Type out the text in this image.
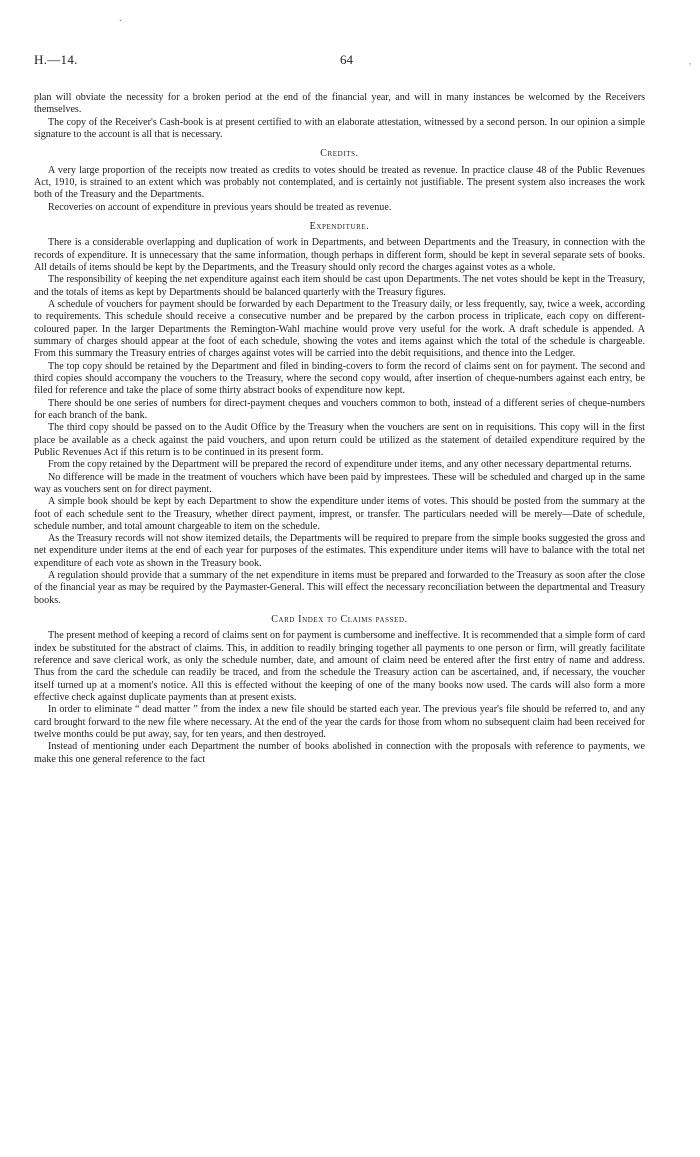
.
,
H.—14.	64

plan will obviate the necessity for a broken period at the end of the financial year, and will in many instances be welcomed by the Receivers themselves.

The copy of the Receiver's Cash-book is at present certified to with an elaborate attestation, witnessed by a second person. In our opinion a simple signature to the account is all that is necessary.

Credits.

A very large proportion of the receipts now treated as credits to votes should be treated as revenue. In practice clause 48 of the Public Revenues Act, 1910, is strained to an extent which was probably not contemplated, and is certainly not justifiable. The present system also increases the work both of the Treasury and the Departments.

Recoveries on account of expenditure in previous years should be treated as revenue.

Expenditure.

There is a considerable overlapping and duplication of work in Departments, and between Departments and the Treasury, in connection with the records of expenditure. It is unnecessary that the same information, though perhaps in different form, should be kept in several separate sets of books. All details of items should be kept by the Departments, and the Treasury should only record the charges against votes as a whole.

The responsibility of keeping the net expenditure against each item should be cast upon Departments. The net votes should be kept in the Treasury, and the totals of items as kept by Departments should be balanced quarterly with the Treasury figures.

A schedule of vouchers for payment should be forwarded by each Department to the Treasury daily, or less frequently, say, twice a week, according to requirements. This schedule should receive a consecutive number and be prepared by the carbon process in triplicate, each copy on different-coloured paper. In the larger Departments the Remington-Wahl machine would prove very useful for the work. A draft schedule is appended. A summary of charges should appear at the foot of each schedule, showing the votes and items against which the total of the schedule is chargeable. From this summary the Treasury entries of charges against votes will be carried into the debit requisitions, and thence into the Ledger.

The top copy should be retained by the Department and filed in binding-covers to form the record of claims sent on for payment. The second and third copies should accompany the vouchers to the Treasury, where the second copy would, after insertion of cheque-numbers against each entry, be filed for reference and take the place of some thirty abstract books of expenditure now kept.

There should be one series of numbers for direct-payment cheques and vouchers common to both, instead of a different series of cheque-numbers for each branch of the bank.

The third copy should be passed on to the Audit Office by the Treasury when the vouchers are sent on in requisitions. This copy will in the first place be available as a check against the paid vouchers, and upon return could be utilized as the statement of detailed expenditure required by the Public Revenues Act if this return is to be continued in its present form.

From the copy retained by the Department will be prepared the record of expenditure under items, and any other necessary departmental returns.

No difference will be made in the treatment of vouchers which have been paid by imprestees. These will be scheduled and charged up in the same way as vouchers sent on for direct payment.

A simple book should be kept by each Department to show the expenditure under items of votes. This should be posted from the summary at the foot of each schedule sent to the Treasury, whether direct payment, imprest, or transfer. The particulars needed will be merely—Date of schedule, schedule number, and total amount chargeable to item on the schedule.

As the Treasury records will not show itemized details, the Departments will be required to prepare from the simple books suggested the gross and net expenditure under items at the end of each year for purposes of the estimates. This expenditure under items will have to balance with the total net expenditure of each vote as shown in the Treasury book.

A regulation should provide that a summary of the net expenditure in items must be prepared and forwarded to the Treasury as soon after the close of the financial year as may be required by the Paymaster-General. This will effect the necessary reconciliation between the departmental and Treasury books.

Card Index to Claims passed.

The present method of keeping a record of claims sent on for payment is cumbersome and ineffective. It is recommended that a simple form of card index be substituted for the abstract of claims. This, in addition to readily bringing together all payments to one person or firm, will greatly facilitate reference and save clerical work, as only the schedule number, date, and amount of claim need be entered after the first entry of name and address. Thus from the card the schedule can readily be traced, and from the schedule the Treasury action can be ascertained, and, if necessary, the voucher itself turned up at a moment's notice. All this is effected without the keeping of one of the many books now used. The cards will also form a more effective check against duplicate payments than at present exists.

In order to eliminate “ dead matter ” from the index a new file should be started each year. The previous year's file should be referred to, and any card brought forward to the new file where necessary. At the end of the year the cards for those from whom no subsequent claim had been received for twelve months could be put away, say, for ten years, and then destroyed.

Instead of mentioning under each Department the number of books abolished in connection with the proposals with reference to payments, we make this one general reference to the fact
